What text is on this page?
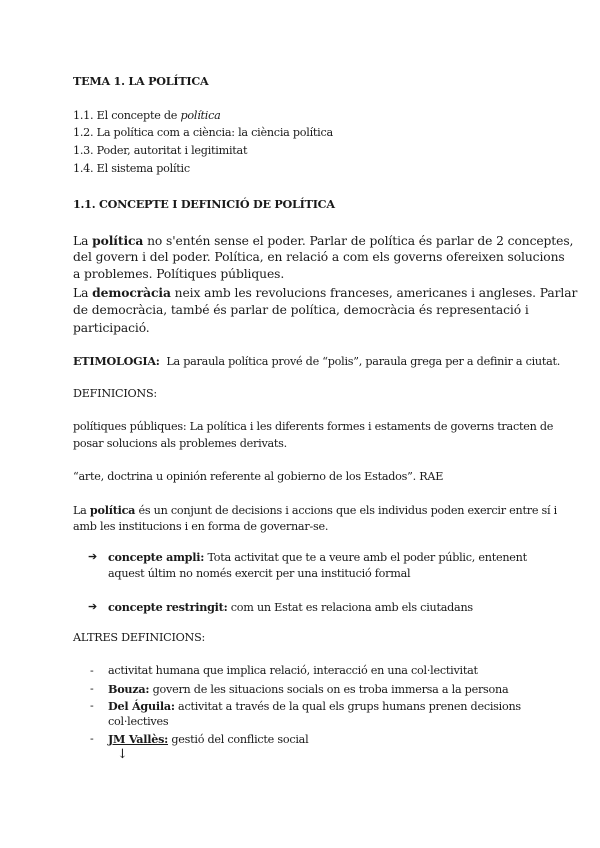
TEMA 1. LA POLÍTICA
1.1. El concepte de política
1.2. La política com a ciència: la ciència política
1.3. Poder, autoritat i legitimitat
1.4. El sistema polític
1.1. CONCEPTE I DEFINICIÓ DE POLÍTICA
La política no s'entén sense el poder. Parlar de política és parlar de 2 conceptes,
del govern i del poder. Política, en relació a com els governs ofereixen solucions
a problemes. Polítiques públiques.
La democràcia neix amb les revolucions franceses, americanes i angleses. Parlar
de democràcia, també és parlar de política, democràcia és representació i
participació.
ETIMOLOGIA: La paraula política prové de “polis”, paraula grega per a definir a ciutat.
DEFINICIONS:
polítiques públiques: La política i les diferents formes i estaments de governs tracten de
posar solucions als problemes derivats.
“arte, doctrina u opinión referente al gobierno de los Estados”. RAE
La política és un conjunt de decisions i accions que els individus poden exercir entre sí i
amb les institucions i en forma de governar-se.
➔ concepte ampli: Tota activitat que te a veure amb el poder públic, entenent
aquest últim no només exercit per una institució formal
➔ concepte restringit: com un Estat es relaciona amb els ciutadans
ALTRES DEFINICIONS:
- activitat humana que implica relació, interacció en una col·lectivitat
- Bouza: govern de les situacions socials on es troba immersa a la persona
- Del Águila: activitat a través de la qual els grups humans prenen decisions
col·lectives
- JM Vallès: gestió del conflicte social
↓
